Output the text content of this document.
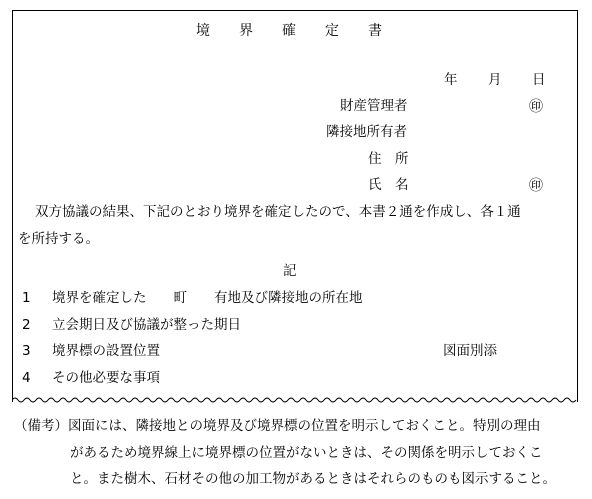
境界確定書
年 月 日
財産管理者	㊞
隣接地所有者
住　所
氏　名	㊞
双方協議の結果、下記のとおり境界を確定したので、本書２通を作成し、各１通
を所持する。
記
1 境界を確定した　　町　　有地及び隣接地の所在地
2 立会期日及び協議が整った期日
3 境界標の設置位置	図面別添
4 その他必要な事項
（備考）図面には、隣接地との境界及び境界標の位置を明示しておくこと。特別の理由
があるため境界線上に境界標の位置がないときは、その関係を明示しておくこ
と。また樹木、石材その他の加工物があるときはそれらのものも図示すること。
